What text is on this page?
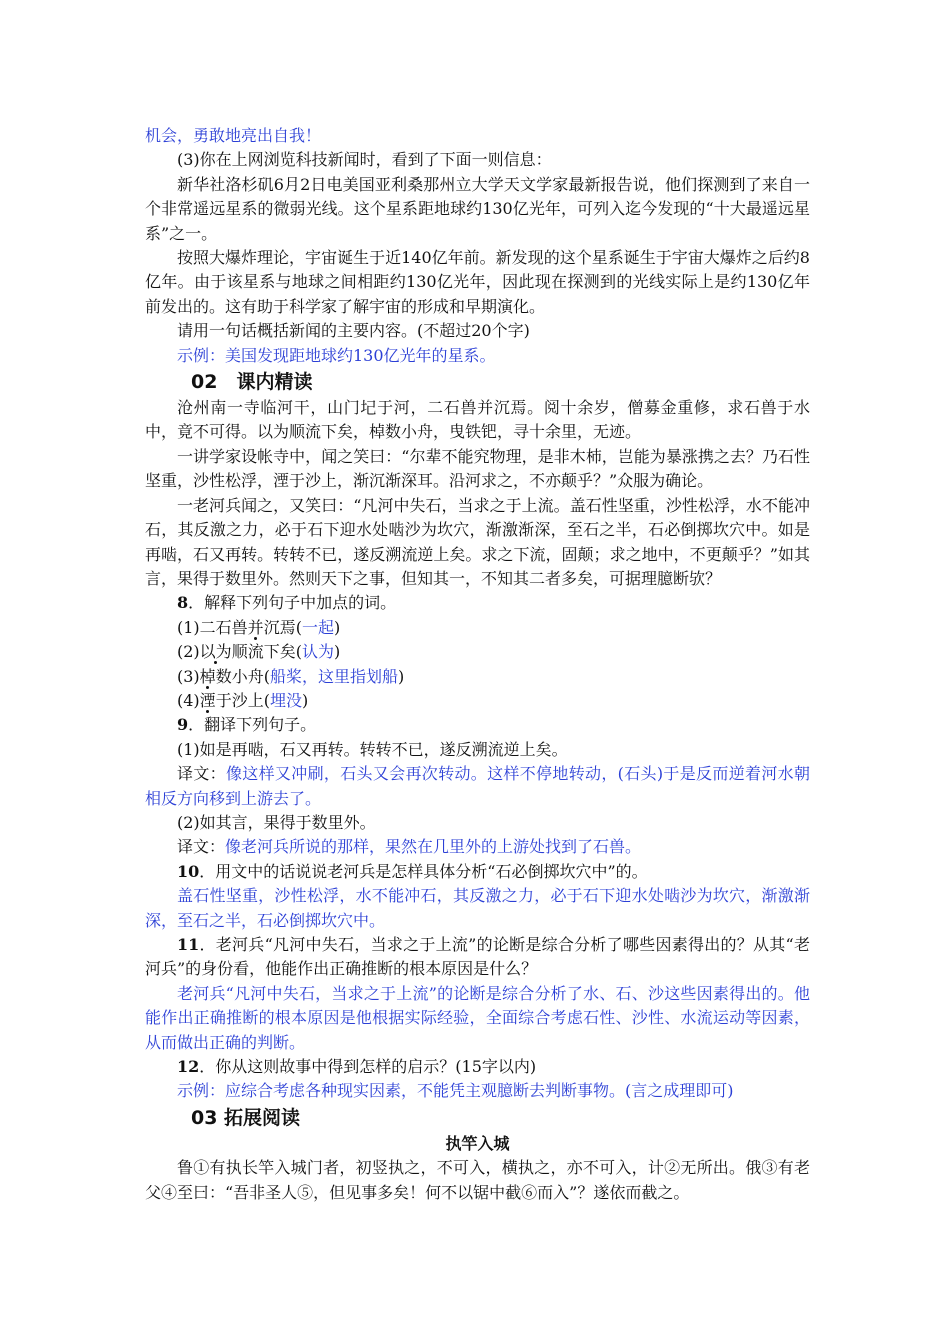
机会，勇敢地亮出自我！

(3)你在上网浏览科技新闻时，看到了下面一则信息：

新华社洛杉矶6月2日电美国亚利桑那州立大学天文学家最新报告说，他们探测到了来自一个非常遥远星系的微弱光线。这个星系距地球约130亿光年，可列入迄今发现的“十大最遥远星系”之一。

按照大爆炸理论，宇宙诞生于近140亿年前。新发现的这个星系诞生于宇宙大爆炸之后约8亿年。由于该星系与地球之间相距约130亿光年，因此现在探测到的光线实际上是约130亿年前发出的。这有助于科学家了解宇宙的形成和早期演化。

请用一句话概括新闻的主要内容。(不超过20个字)

示例：美国发现距地球约130亿光年的星系。

02　课内精读

沧州南一寺临河干，山门圮于河，二石兽并沉焉。阅十余岁，僧募金重修，求石兽于水中，竟不可得。以为顺流下矣，棹数小舟，曳铁钯，寻十余里，无迹。

一讲学家设帐寺中，闻之笑曰：“尔辈不能究物理，是非木杮，岂能为暴涨携之去？乃石性坚重，沙性松浮，湮于沙上，渐沉渐深耳。沿河求之，不亦颠乎？”众服为确论。

一老河兵闻之，又笑曰：“凡河中失石，当求之于上流。盖石性坚重，沙性松浮，水不能冲石，其反激之力，必于石下迎水处啮沙为坎穴，渐激渐深，至石之半，石必倒掷坎穴中。如是再啮，石又再转。转转不已，遂反溯流逆上矣。求之下流，固颠；求之地中，不更颠乎？”如其言，果得于数里外。然则天下之事，但知其一，不知其二者多矣，可据理臆断欤？

8．解释下列句子中加点的词。

(1)二石兽并沉焉(一起)

(2)以为顺流下矣(认为)

(3)棹数小舟(船桨，这里指划船)

(4)湮于沙上(埋没)

9．翻译下列句子。

(1)如是再啮，石又再转。转转不已，遂反溯流逆上矣。

译文：像这样又冲刷，石头又会再次转动。这样不停地转动，(石头)于是反而逆着河水朝相反方向移到上游去了。

(2)如其言，果得于数里外。

译文：像老河兵所说的那样，果然在几里外的上游处找到了石兽。

10．用文中的话说说老河兵是怎样具体分析“石必倒掷坎穴中”的。

盖石性坚重，沙性松浮，水不能冲石，其反激之力，必于石下迎水处啮沙为坎穴，渐激渐深，至石之半，石必倒掷坎穴中。

11．老河兵“凡河中失石，当求之于上流”的论断是综合分析了哪些因素得出的？从其“老河兵”的身份看，他能作出正确推断的根本原因是什么？

老河兵“凡河中失石，当求之于上流”的论断是综合分析了水、石、沙这些因素得出的。他能作出正确推断的根本原因是他根据实际经验，全面综合考虑石性、沙性、水流运动等因素，从而做出正确的判断。

12．你从这则故事中得到怎样的启示？(15字以内)

示例：应综合考虑各种现实因素，不能凭主观臆断去判断事物。(言之成理即可)

03 拓展阅读

执竿入城

鲁①有执长竿入城门者，初竖执之，不可入，横执之，亦不可入，计②无所出。俄③有老父④至曰：“吾非圣人⑤，但见事多矣！何不以锯中截⑥而入”？遂依而截之。
